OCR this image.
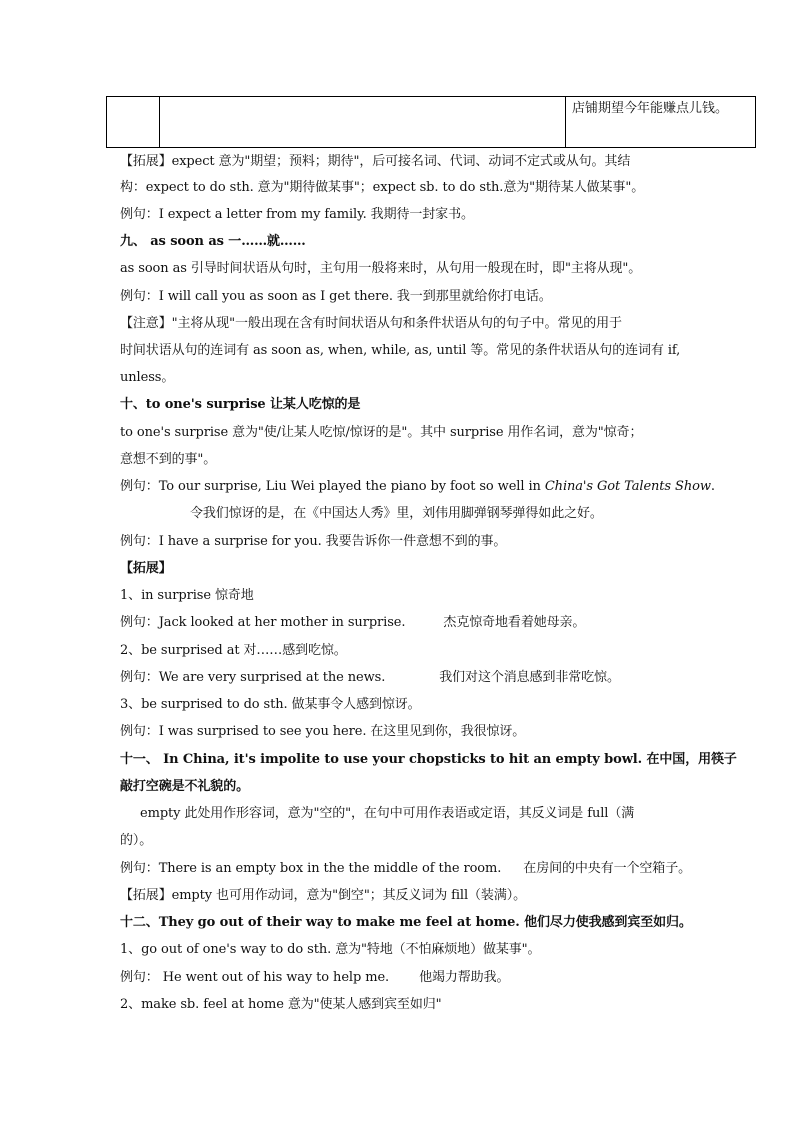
		店铺期望今年能赚点儿钱。
【拓展】expect 意为"期望；预料；期待"，后可接名词、代词、动词不定式或从句。其结
构：expect to do sth. 意为"期待做某事"；expect sb. to do sth.意为"期待某人做某事"。
例句：I expect a letter from my family. 我期待一封家书。
九、 as soon as 一……就……
as soon as 引导时间状语从句时，主句用一般将来时，从句用一般现在时，即"主将从现"。
例句：I will call you as soon as I get there. 我一到那里就给你打电话。
【注意】"主将从现"一般出现在含有时间状语从句和条件状语从句的句子中。常见的用于
时间状语从句的连词有 as soon as, when, while, as, until 等。常见的条件状语从句的连词有 if,
unless。
十、to one's surprise 让某人吃惊的是
to one's surprise 意为"使/让某人吃惊/惊讶的是"。其中 surprise 用作名词，意为"惊奇；
意想不到的事"。
例句：To our surprise, Liu Wei played the piano by foot so well in China's Got Talents Show.
令我们惊讶的是，在《中国达人秀》里，刘伟用脚弹钢琴弹得如此之好。
例句：I have a surprise for you. 我要告诉你一件意想不到的事。
【拓展】
1、in surprise 惊奇地
例句：Jack looked at her mother in surprise.	杰克惊奇地看着她母亲。
2、be surprised at 对……感到吃惊。
例句：We are very surprised at the news.	我们对这个消息感到非常吃惊。
3、be surprised to do sth. 做某事令人感到惊讶。
例句：I was surprised to see you here. 在这里见到你，我很惊讶。
十一、 In China, it's impolite to use your chopsticks to hit an empty bowl. 在中国，用筷子
敲打空碗是不礼貌的。
empty 此处用作形容词，意为"空的"，在句中可用作表语或定语，其反义词是 full（满
的）。
例句：There is an empty box in the the middle of the room. 在房间的中央有一个空箱子。
【拓展】empty 也可用作动词，意为"倒空"；其反义词为 fill（装满）。
十二、They go out of their way to make me feel at home. 他们尽力使我感到宾至如归。
1、go out of one's way to do sth. 意为"特地（不怕麻烦地）做某事"。
例句： He went out of his way to help me. 他竭力帮助我。
2、make sb. feel at home 意为"使某人感到宾至如归"
